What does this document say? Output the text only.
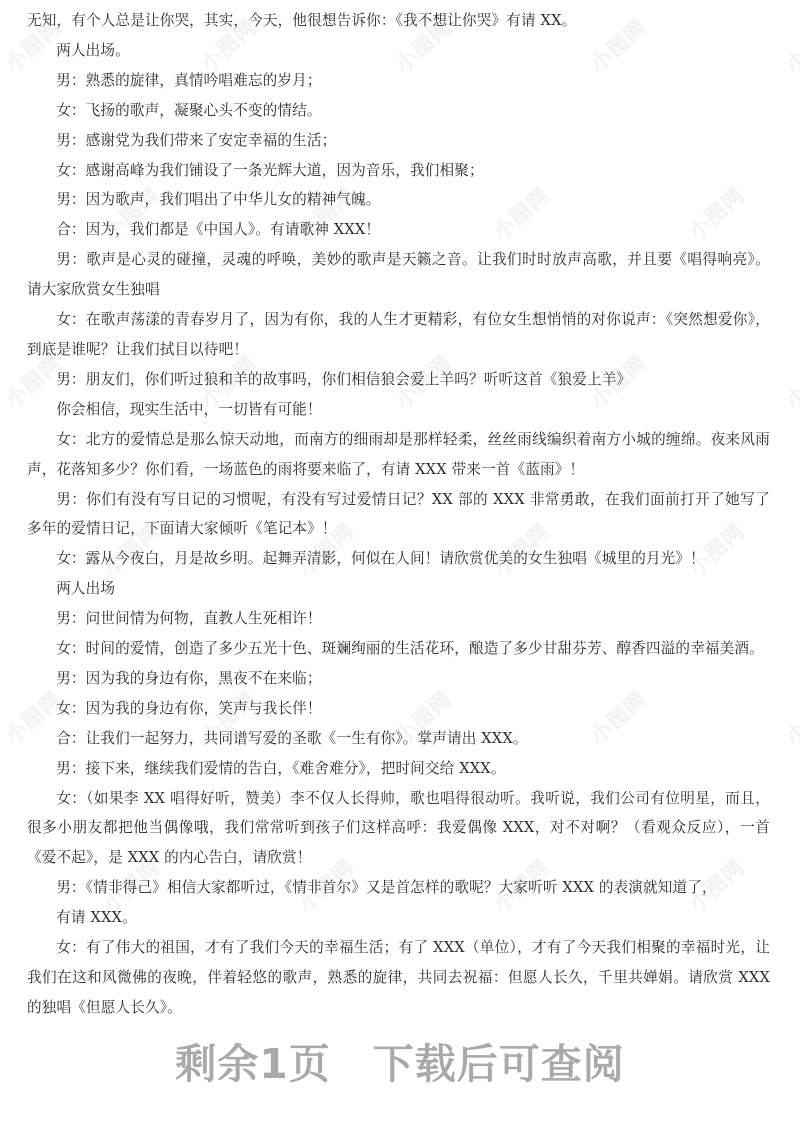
无知，有个人总是让你哭，其实，今天，他很想告诉你：《我不想让你哭》有请 XX。

两人出场。

男：熟悉的旋律，真情吟唱难忘的岁月；

女：飞扬的歌声，凝聚心头不变的情结。

男：感谢党为我们带来了安定幸福的生活；

女：感谢高峰为我们铺设了一条光辉大道，因为音乐，我们相聚；

男：因为歌声，我们唱出了中华儿女的精神气魄。

合：因为，我们都是《中国人》。有请歌神 XXX！

男：歌声是心灵的碰撞，灵魂的呼唤，美妙的歌声是天籁之音。让我们时时放声高歌，并且要《唱得响亮》。请大家欣赏女生独唱

女：在歌声荡漾的青春岁月了，因为有你，我的人生才更精彩，有位女生想悄悄的对你说声：《突然想爱你》，到底是谁呢？让我们拭目以待吧！

男：朋友们，你们听过狼和羊的故事吗，你们相信狼会爱上羊吗？听听这首《狼爱上羊》

你会相信，现实生活中，一切皆有可能！

女：北方的爱情总是那么惊天动地，而南方的细雨却是那样轻柔，丝丝雨线编织着南方小城的缠绵。夜来风雨声，花落知多少？你们看，一场蓝色的雨将要来临了，有请 XXX 带来一首《蓝雨》！

男：你们有没有写日记的习惯呢，有没有写过爱情日记？XX 部的 XXX 非常勇敢，在我们面前打开了她写了多年的爱情日记，下面请大家倾听《笔记本》！

女：露从今夜白，月是故乡明。起舞弄清影，何似在人间！请欣赏优美的女生独唱《城里的月光》！

两人出场

男：问世间情为何物，直教人生死相许！

女：时间的爱情，创造了多少五光十色、斑斓绚丽的生活花环，酿造了多少甘甜芬芳、醇香四溢的幸福美酒。

男：因为我的身边有你，黑夜不在来临；

女：因为我的身边有你，笑声与我长伴！

合：让我们一起努力，共同谱写爱的圣歌《一生有你》。掌声请出 XXX。

男：接下来，继续我们爱情的告白，《难舍难分》，把时间交给 XXX。

女：（如果李 XX 唱得好听，赞美）李不仅人长得帅，歌也唱得很动听。我听说，我们公司有位明星，而且，很多小朋友都把他当偶像哦，我们常常听到孩子们这样高呼：我爱偶像 XXX，对不对啊？（看观众反应），一首《爱不起》，是 XXX 的内心告白，请欣赏！

男：《情非得己》相信大家都听过，《情非首尔》又是首怎样的歌呢？大家听听 XXX 的表演就知道了，

有请 XXX。

女：有了伟大的祖国，才有了我们今天的幸福生活；有了 XXX（单位），才有了今天我们相聚的幸福时光，让我们在这和风微佛的夜晚，伴着轻悠的歌声，熟悉的旋律，共同去祝福：但愿人长久，千里共婵娟。请欣赏 XXX 的独唱《但愿人长久》。

剩余1页　下载后可查阅
